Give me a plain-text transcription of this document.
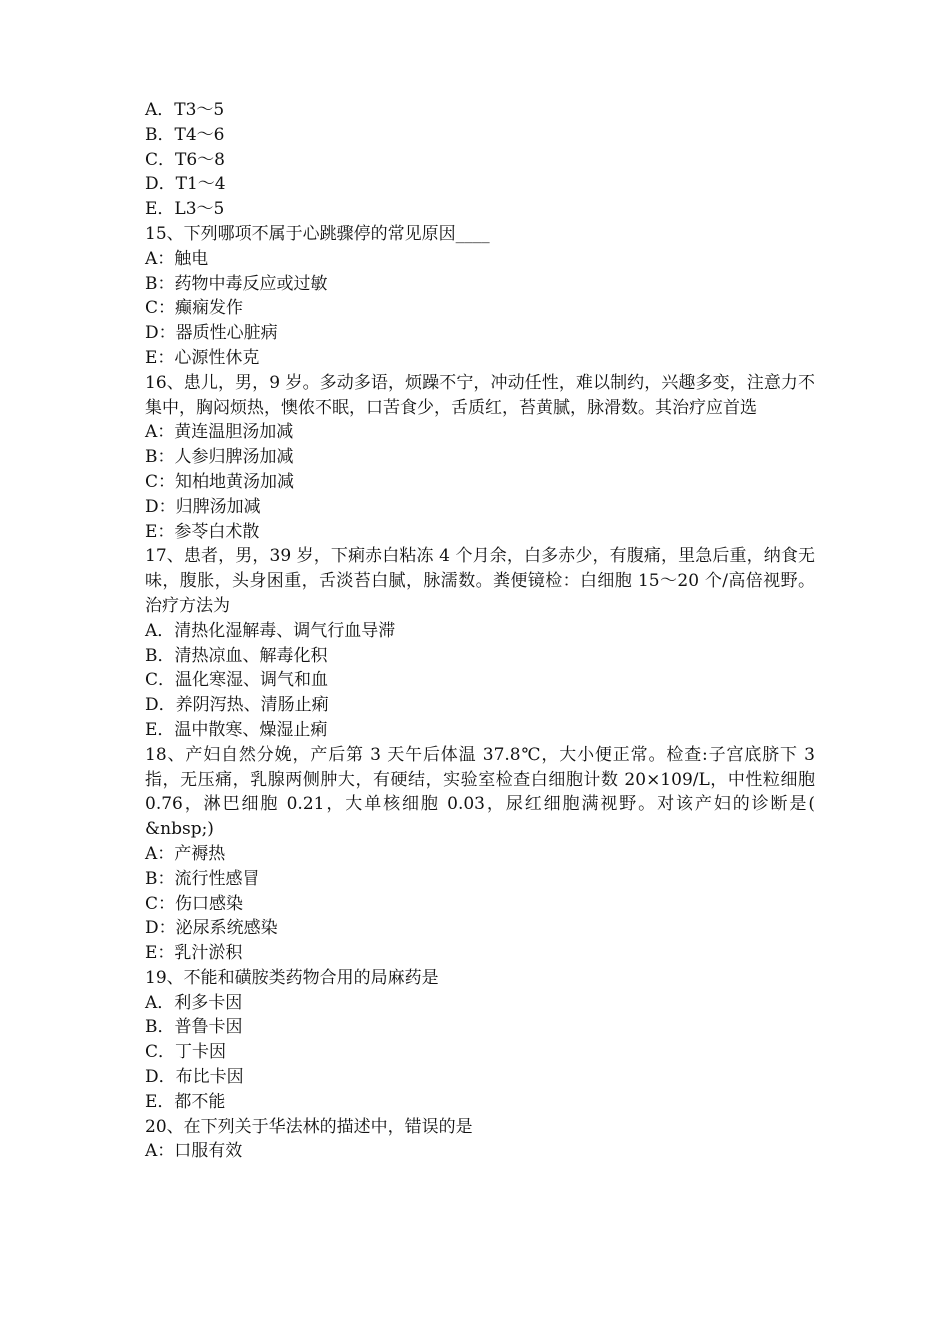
A．T3～5

B．T4～6

C．T6～8

D．T1～4

E．L3～5

15、下列哪项不属于心跳骤停的常见原因____

A：触电

B：药物中毒反应或过敏

C：癫痫发作

D：器质性心脏病

E：心源性休克

16、患儿，男，9 岁。多动多语，烦躁不宁，冲动任性，难以制约，兴趣多变，注意力不集中，胸闷烦热，懊侬不眠，口苦食少，舌质红，苔黄腻，脉滑数。其治疗应首选

A：黄连温胆汤加减

B：人参归脾汤加减

C：知柏地黄汤加减

D：归脾汤加减

E：参苓白术散

17、患者，男，39 岁，下痢赤白粘冻 4 个月余，白多赤少，有腹痛，里急后重，纳食无味，腹胀，头身困重，舌淡苔白腻，脉濡数。粪便镜检：白细胞 15～20 个/高倍视野。治疗方法为

A．清热化湿解毒、调气行血导滞

B．清热凉血、解毒化积

C．温化寒湿、调气和血

D．养阴泻热、清肠止痢

E．温中散寒、燥湿止痢

18、产妇自然分娩，产后第 3 天午后体温 37.8℃，大小便正常。检查:子宫底脐下 3 指，无压痛，乳腺两侧肿大，有硬结，实验室检查白细胞计数 20×109/L，中性粒细胞 0.76，淋巴细胞 0.21，大单核细胞 0.03，尿红细胞满视野。对该产妇的诊断是( &nbsp;)

A：产褥热

B：流行性感冒

C：伤口感染

D：泌尿系统感染

E：乳汁淤积

19、不能和磺胺类药物合用的局麻药是

A．利多卡因

B．普鲁卡因

C．丁卡因

D．布比卡因

E．都不能

20、在下列关于华法林的描述中，错误的是

A：口服有效
